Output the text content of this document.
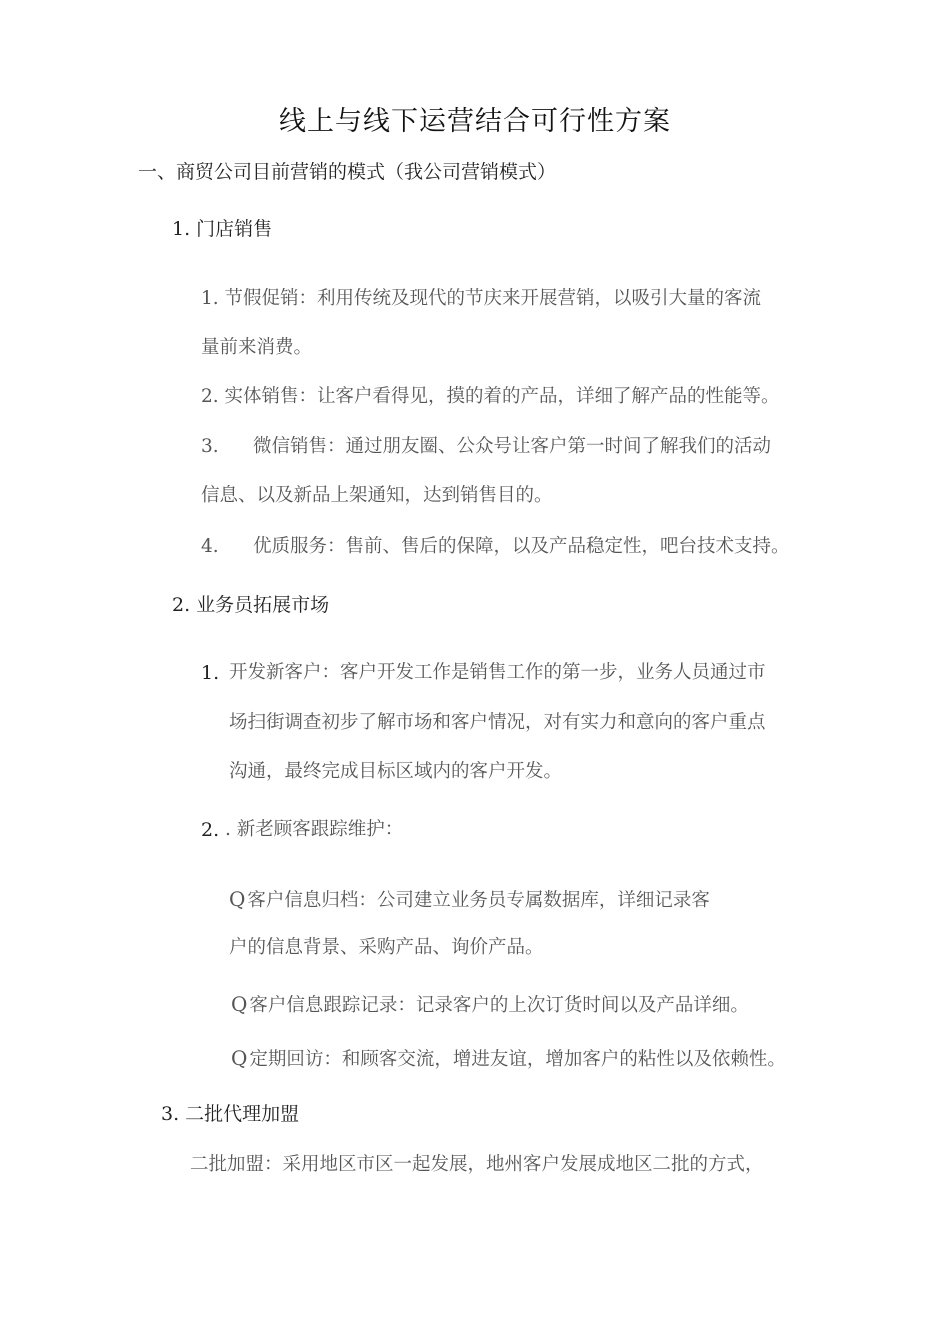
线上与线下运营结合可行性方案
一、商贸公司目前营销的模式（我公司营销模式）
1. 门店销售
1. 节假促销：利用传统及现代的节庆来开展营销，以吸引大量的客流
量前来消费。
2. 实体销售：让客户看得见，摸的着的产品，详细了解产品的性能等。
3. 微信销售：通过朋友圈、公众号让客户第一时间了解我们的活动
信息、以及新品上架通知，达到销售目的。
4. 优质服务：售前、售后的保障，以及产品稳定性，吧台技术支持。
2. 业务员拓展市场
1. 开发新客户：客户开发工作是销售工作的第一步，业务人员通过市
场扫街调查初步了解市场和客户情况，对有实力和意向的客户重点
沟通，最终完成目标区域内的客户开发。
2. . 新老顾客跟踪维护：
Q 客户信息归档：公司建立业务员专属数据库，详细记录客
户的信息背景、采购产品、询价产品。
Q 客户信息跟踪记录：记录客户的上次订货时间以及产品详细。
Q 定期回访：和顾客交流，增进友谊，增加客户的粘性以及依赖性。
3. 二批代理加盟
二批加盟：采用地区市区一起发展，地州客户发展成地区二批的方式，
